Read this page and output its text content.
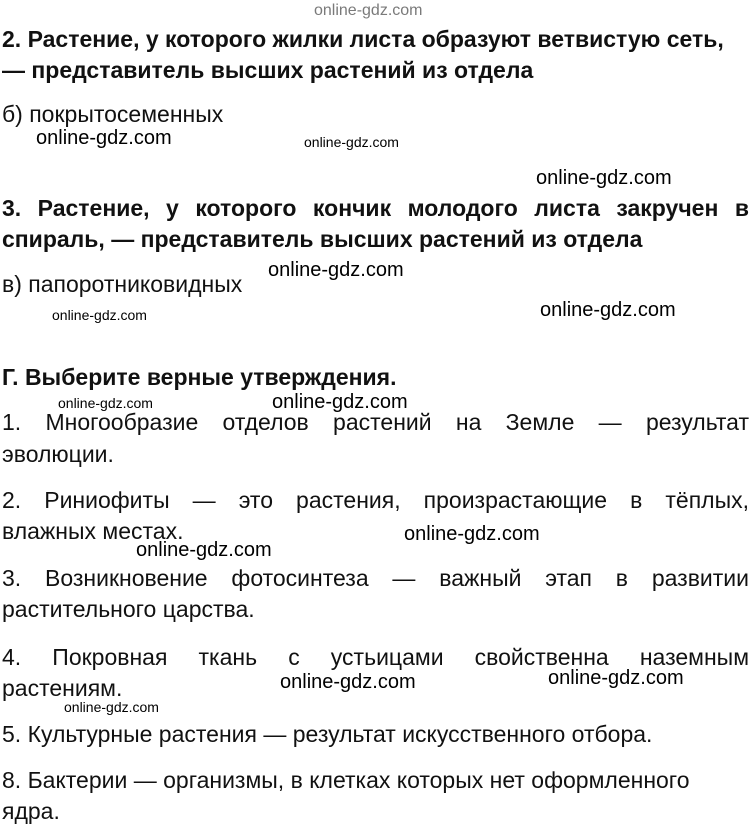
online-gdz.com
2. Растение, у которого жилки листа образуют ветвистую сеть,
— представитель высших растений из отдела
б) покрытосеменных
3. Растение, у которого кончик молодого листа закручен в
спираль, — представитель высших растений из отдела
в) папоротниковидных
Г. Выберите верные утверждения.
1. Многообразие отделов растений на Земле — результат
эволюции.
2. Риниофиты — это растения, произрастающие в тёплых,
влажных местах.
3. Возникновение фотосинтеза — важный этап в развитии
растительного царства.
4. Покровная ткань с устьицами свойственна наземным
растениям.
5. Культурные растения — результат искусственного отбора.
8. Бактерии — организмы, в клетках которых нет оформленного
ядра.
online-gdz.com	online-gdz.com
online-gdz.com
online-gdz.com
online-gdz.com	online-gdz.com
online-gdz.com	online-gdz.com
online-gdz.com
online-gdz.com
online-gdz.com	online-gdz.com
online-gdz.com
